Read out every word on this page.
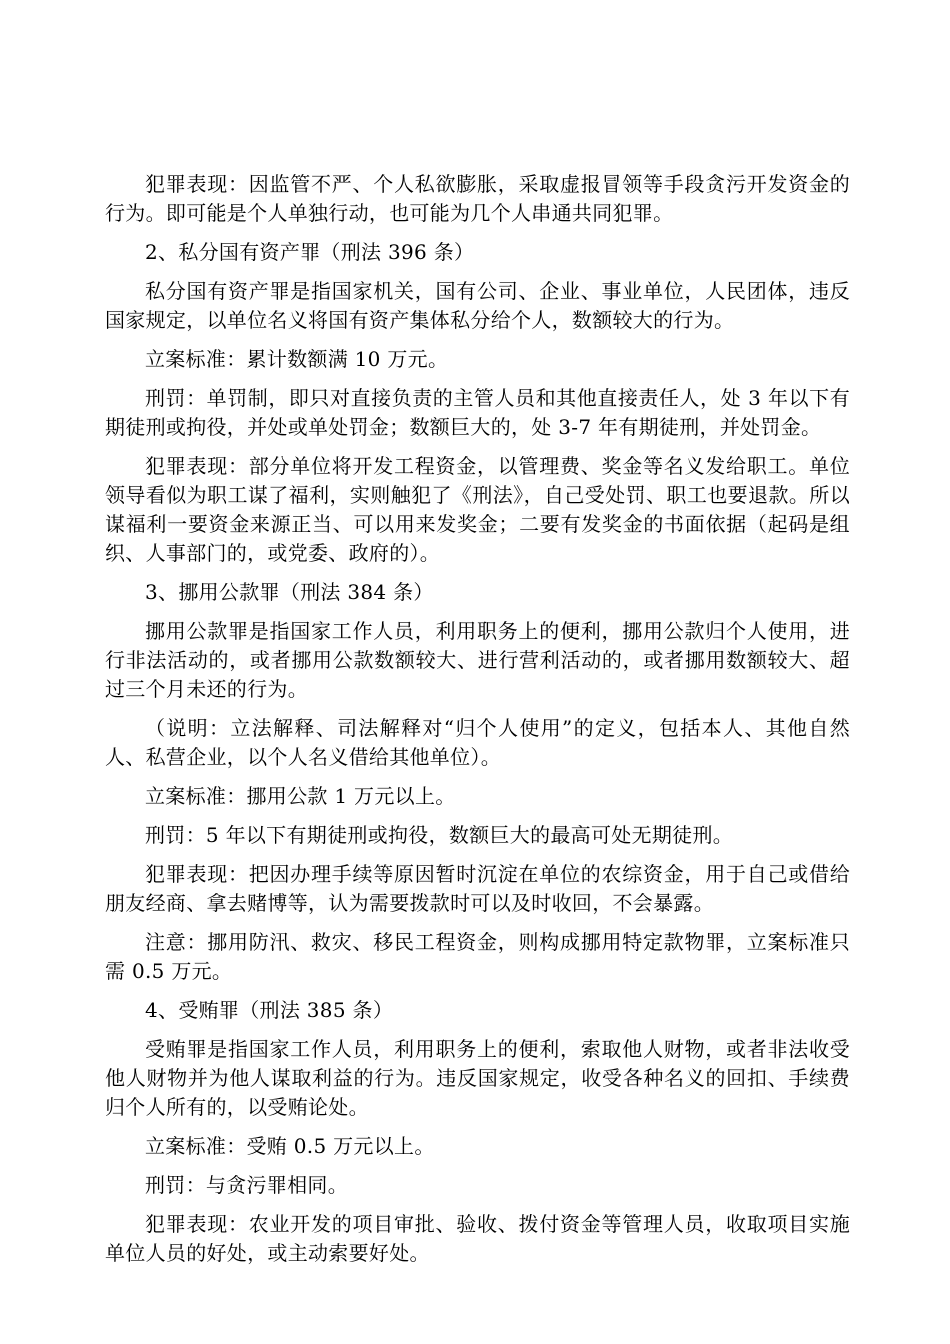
犯罪表现：因监管不严、个人私欲膨胀，采取虚报冒领等手段贪污开发资金的行为。即可能是个人单独行动，也可能为几个人串通共同犯罪。

2、私分国有资产罪（刑法 396 条）

私分国有资产罪是指国家机关，国有公司、企业、事业单位，人民团体，违反国家规定，以单位名义将国有资产集体私分给个人，数额较大的行为。

立案标准：累计数额满 10 万元。

刑罚：单罚制，即只对直接负责的主管人员和其他直接责任人，处 3 年以下有期徒刑或拘役，并处或单处罚金；数额巨大的，处 3-7 年有期徒刑，并处罚金。

犯罪表现：部分单位将开发工程资金，以管理费、奖金等名义发给职工。单位领导看似为职工谋了福利，实则触犯了《刑法》，自己受处罚、职工也要退款。所以谋福利一要资金来源正当、可以用来发奖金；二要有发奖金的书面依据（起码是组织、人事部门的，或党委、政府的）。

3、挪用公款罪（刑法 384 条）

挪用公款罪是指国家工作人员，利用职务上的便利，挪用公款归个人使用，进行非法活动的，或者挪用公款数额较大、进行营利活动的，或者挪用数额较大、超过三个月未还的行为。

（说明：立法解释、司法解释对“归个人使用”的定义，包括本人、其他自然人、私营企业，以个人名义借给其他单位）。

立案标准：挪用公款 1 万元以上。

刑罚：5 年以下有期徒刑或拘役，数额巨大的最高可处无期徒刑。

犯罪表现：把因办理手续等原因暂时沉淀在单位的农综资金，用于自己或借给朋友经商、拿去赌博等，认为需要拨款时可以及时收回，不会暴露。

注意：挪用防汛、救灾、移民工程资金，则构成挪用特定款物罪，立案标准只需 0.5 万元。

4、受贿罪（刑法 385 条）

受贿罪是指国家工作人员，利用职务上的便利，索取他人财物，或者非法收受他人财物并为他人谋取利益的行为。违反国家规定，收受各种名义的回扣、手续费归个人所有的，以受贿论处。

立案标准：受贿 0.5 万元以上。

刑罚：与贪污罪相同。

犯罪表现：农业开发的项目审批、验收、拨付资金等管理人员，收取项目实施单位人员的好处，或主动索要好处。
